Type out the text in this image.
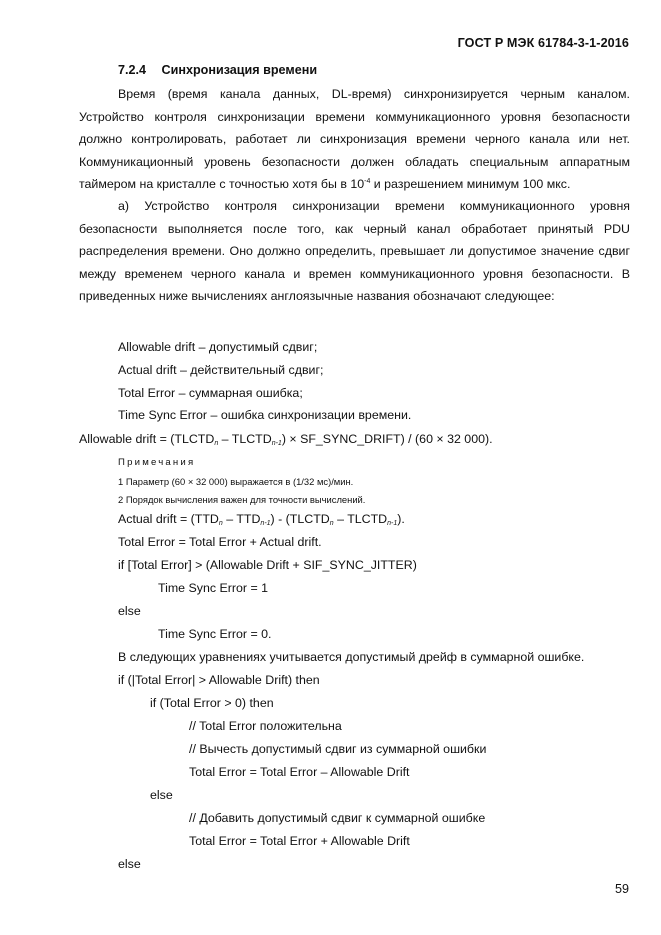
ГОСТ Р МЭК 61784-3-1-2016
7.2.4 Синхронизация времени
Время (время канала данных, DL-время) синхронизируется черным каналом. Устройство контроля синхронизации времени коммуникационного уровня безопасности должно контролировать, работает ли синхронизация времени черного канала или нет. Коммуникационный уровень безопасности должен обладать специальным аппаратным таймером на кристалле с точностью хотя бы в $10^{-4}$ и разрешением минимум 100 мкс.
а) Устройство контроля синхронизации времени коммуникационного уровня безопасности выполняется после того, как черный канал обработает принятый PDU распределения времени. Оно должно определить, превышает ли допустимое значение сдвиг между временем черного канала и времен коммуникационного уровня безопасности. В приведенных ниже вычислениях англоязычные названия обозначают следующее:
Allowable drift – допустимый сдвиг;
Actual drift – действительный сдвиг;
Total Error – суммарная ошибка;
Time Sync Error – ошибка синхронизации времени.
Allowable drift = ($TLCTD_n$ – $TLCTD_{n-1}$) × SF_SYNC_DRIFT) / (60 × 32 000).
Примечания
1 Параметр (60 × 32 000) выражается в (1/32 мс)/мин.
2 Порядок вычисления важен для точности вычислений.
Actual drift = $(TTD_n - TTD_{n-1})$ - ($TLCTD_n$ – $TLCTD_{n-1}$).
Total Error = Total Error + Actual drift.
if [Total Error] > (Allowable Drift + SIF_SYNC_JITTER)
Time Sync Error = 1
else
Time Sync Error = 0.
В следующих уравнениях учитывается допустимый дрейф в суммарной ошибке.
if (|Total Error| > Allowable Drift) then
if (Total Error > 0) then
// Total Error положительна
// Вычесть допустимый сдвиг из суммарной ошибки
Total Error = Total Error – Allowable Drift
else
// Добавить допустимый сдвиг к суммарной ошибке
Total Error = Total Error + Allowable Drift
else
59
